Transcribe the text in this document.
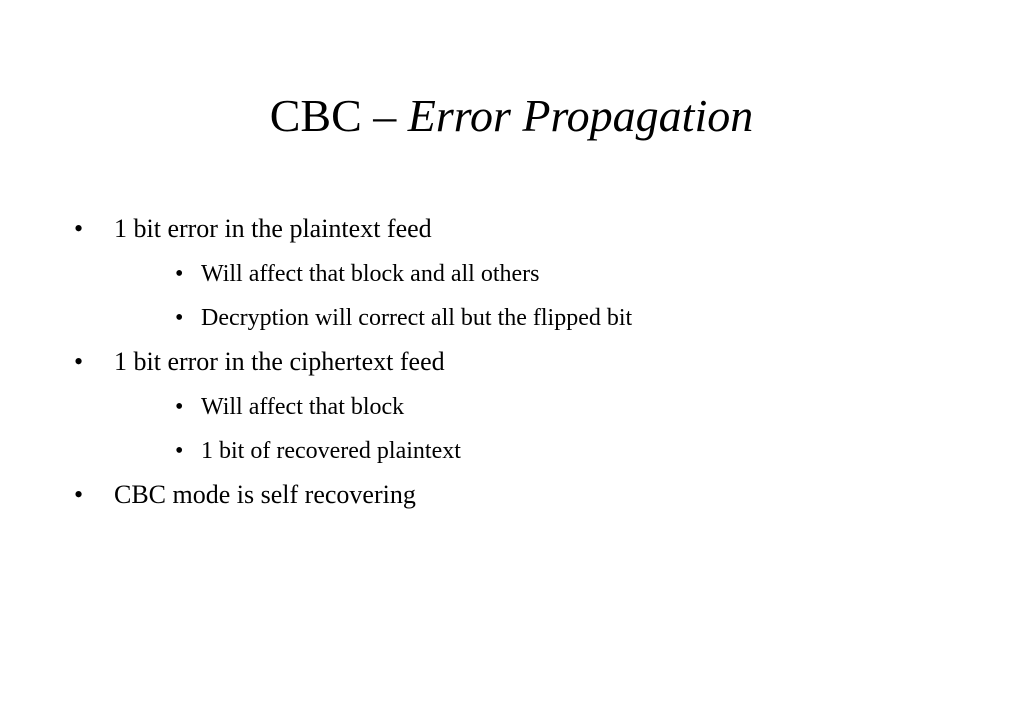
CBC – Error Propagation
• 1 bit error in the plaintext feed
• Will affect that block and all others
• Decryption will correct all but the flipped bit
• 1 bit error in the ciphertext feed
• Will affect that block
• 1 bit of recovered plaintext
• CBC mode is self recovering
